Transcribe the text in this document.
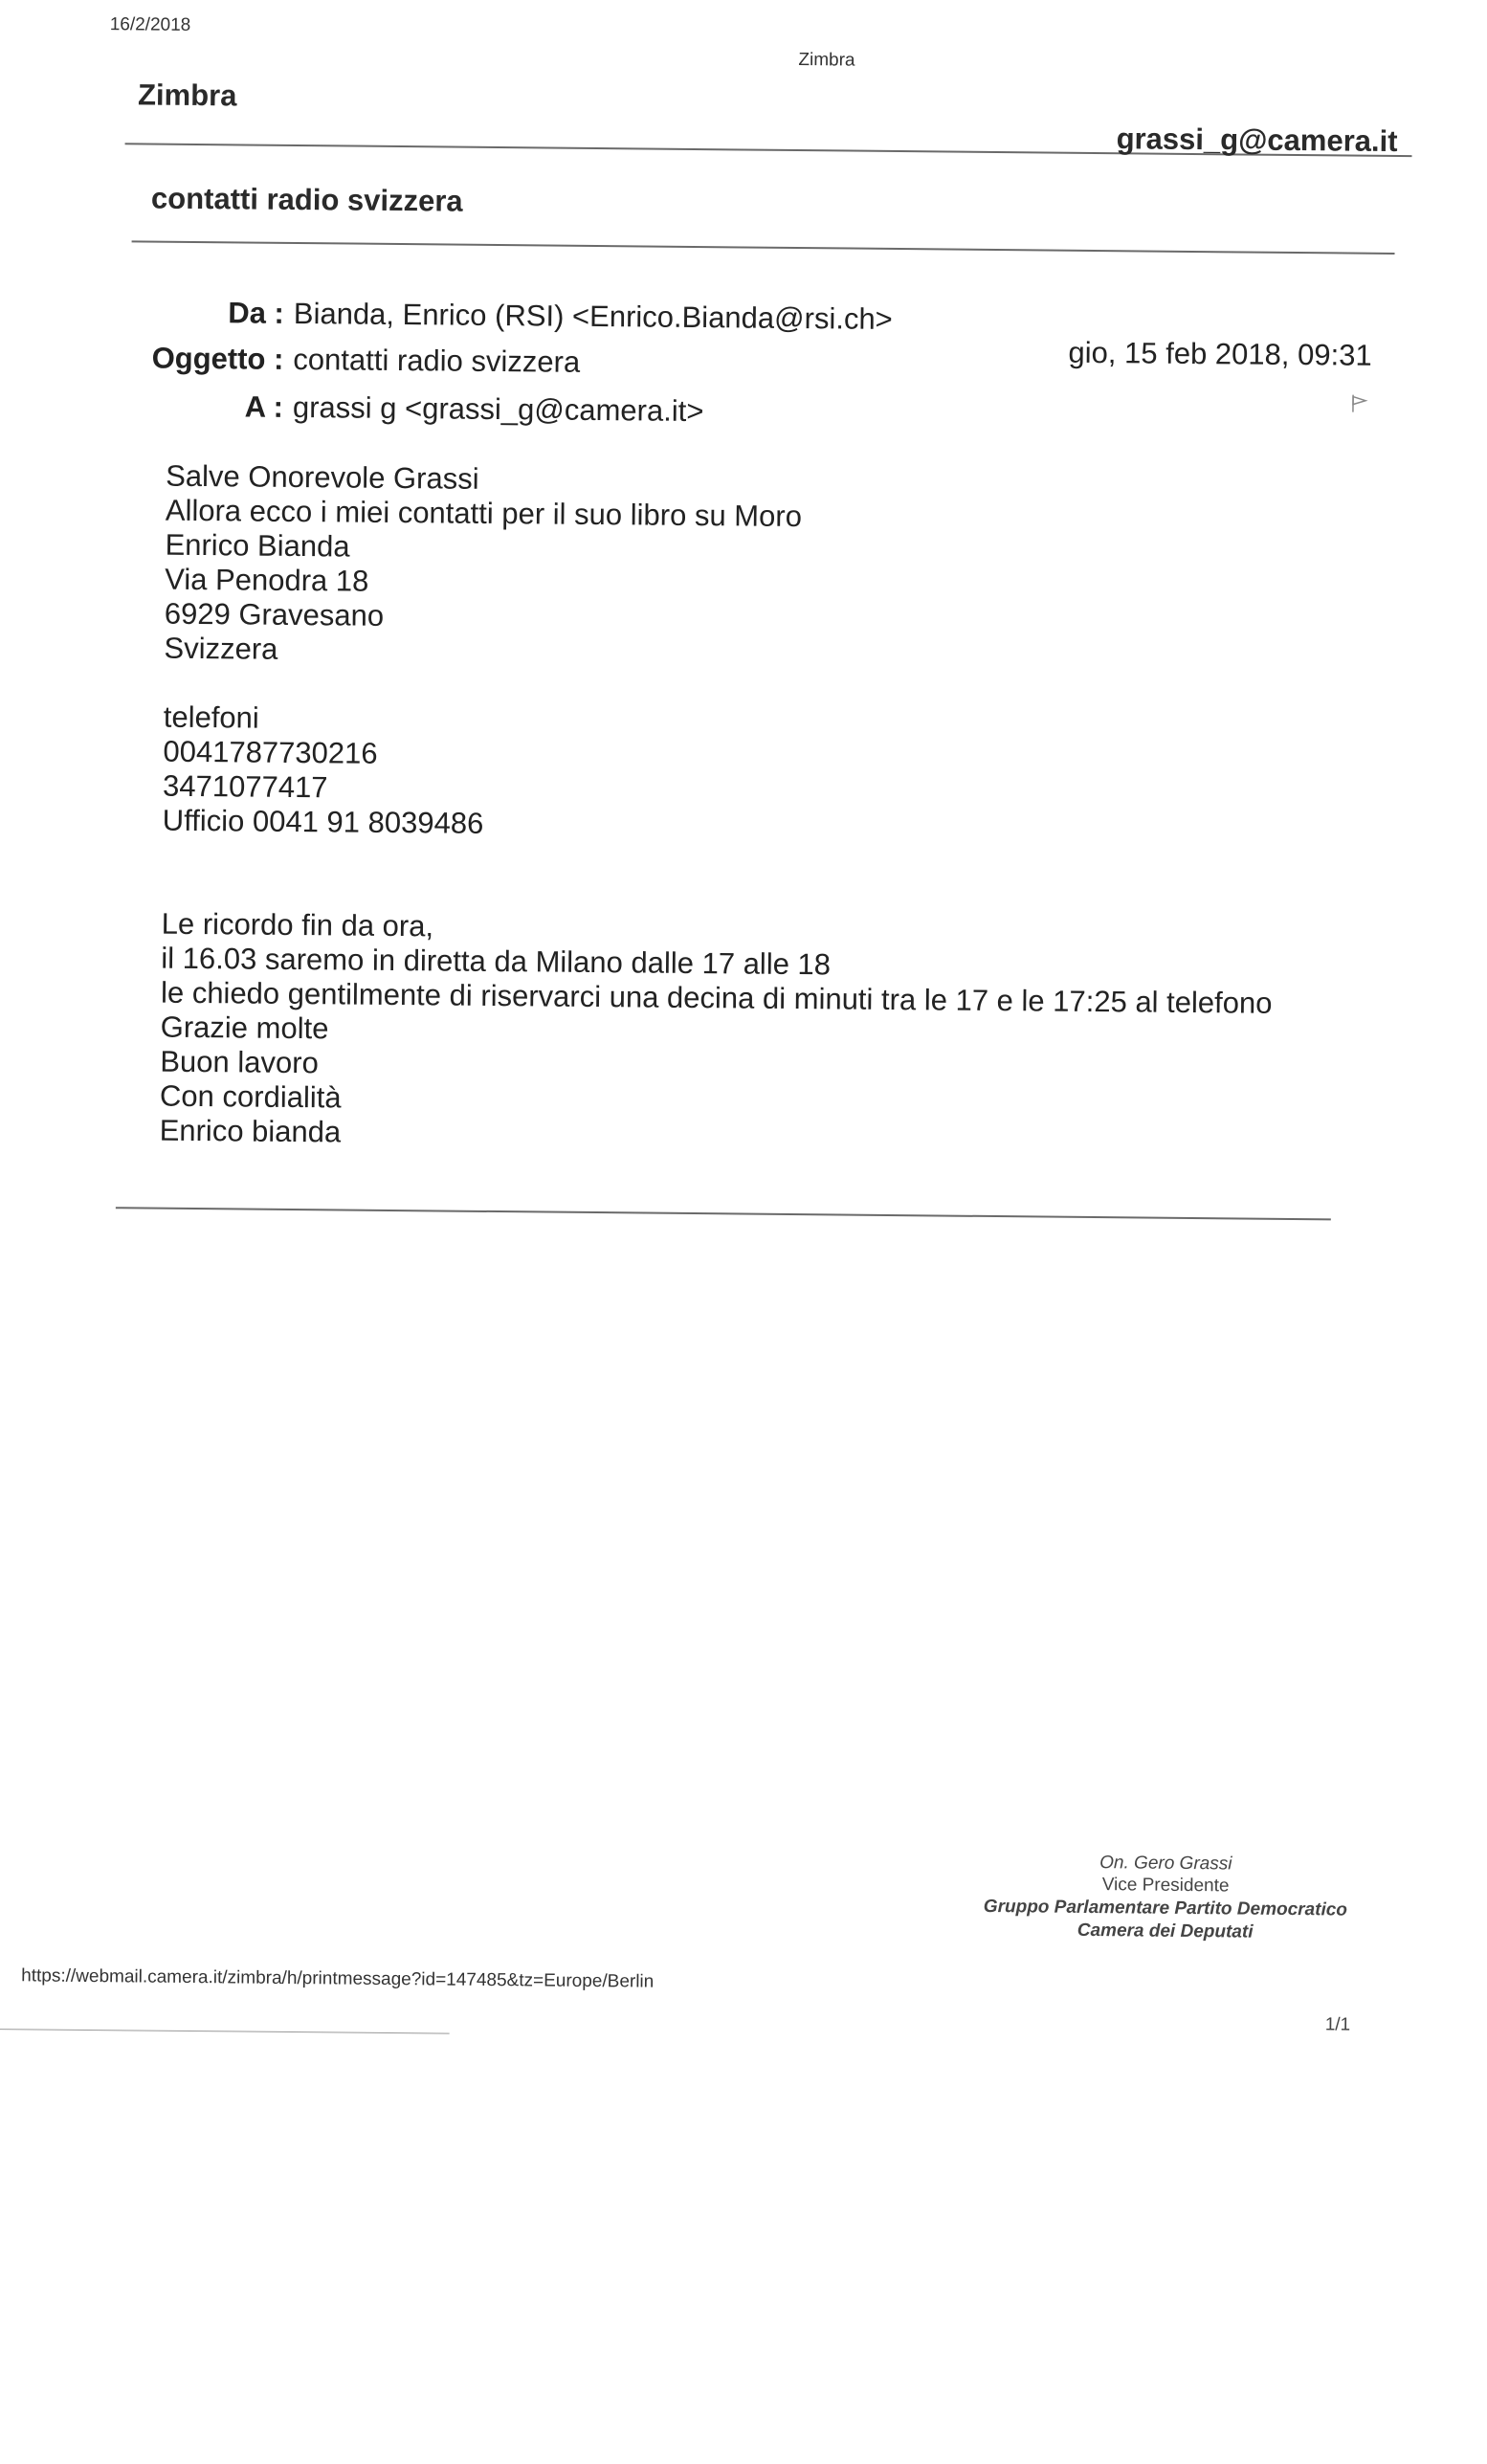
16/2/2018
Zimbra
Zimbra
grassi_g@camera.it
contatti radio svizzera
Da : Bianda, Enrico (RSI) <Enrico.Bianda@rsi.ch>
Oggetto : contatti radio svizzera
A : grassi g <grassi_g@camera.it>
gio, 15 feb 2018, 09:31
Salve Onorevole Grassi
Allora ecco i miei contatti per il suo libro su Moro
Enrico Bianda
Via Penodra 18
6929 Gravesano
Svizzera

telefoni
0041787730216
3471077417
Ufficio 0041 91 8039486

Le ricordo fin da ora,
il 16.03 saremo in diretta da Milano dalle 17 alle 18
le chiedo gentilmente di riservarci una decina di minuti tra le 17 e le 17:25 al telefono
Grazie molte
Buon lavoro
Con cordialità
Enrico bianda
On. Gero Grassi
Vice Presidente
Gruppo Parlamentare Partito Democratico
Camera dei Deputati
https://webmail.camera.it/zimbra/h/printmessage?id=147485&tz=Europe/Berlin
1/1
